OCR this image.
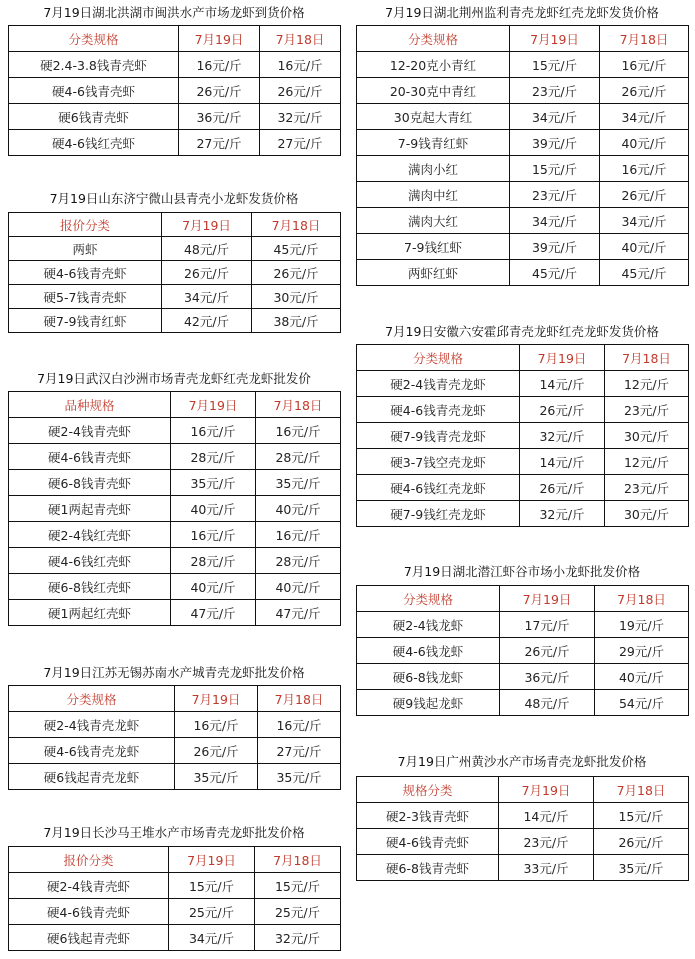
7月19日湖北洪湖市闽洪水产市场龙虾到货价格
分类规格	7月19日	7月18日
硬2.4-3.8钱青壳虾	16元/斤	16元/斤
硬4-6钱青壳虾	26元/斤	26元/斤
硬6钱青壳虾	36元/斤	32元/斤
硬4-6钱红壳虾	27元/斤	27元/斤
7月19日山东济宁微山县青壳小龙虾发货价格
报价分类	7月19日	7月18日
两虾	48元/斤	45元/斤
硬4-6钱青壳虾	26元/斤	26元/斤
硬5-7钱青壳虾	34元/斤	30元/斤
硬7-9钱青红虾	42元/斤	38元/斤
7月19日武汉白沙洲市场青壳龙虾红壳龙虾批发价
品种规格	7月19日	7月18日
硬2-4钱青壳虾	16元/斤	16元/斤
硬4-6钱青壳虾	28元/斤	28元/斤
硬6-8钱青壳虾	35元/斤	35元/斤
硬1两起青壳虾	40元/斤	40元/斤
硬2-4钱红壳虾	16元/斤	16元/斤
硬4-6钱红壳虾	28元/斤	28元/斤
硬6-8钱红壳虾	40元/斤	40元/斤
硬1两起红壳虾	47元/斤	47元/斤
7月19日江苏无锡苏南水产城青壳龙虾批发价格
分类规格	7月19日	7月18日
硬2-4钱青壳龙虾	16元/斤	16元/斤
硬4-6钱青壳龙虾	26元/斤	27元/斤
硬6钱起青壳龙虾	35元/斤	35元/斤
7月19日长沙马王堆水产市场青壳龙虾批发价格
报价分类	7月19日	7月18日
硬2-4钱青壳虾	15元/斤	15元/斤
硬4-6钱青壳虾	25元/斤	25元/斤
硬6钱起青壳虾	34元/斤	32元/斤
7月19日湖北荆州监利青壳龙虾红壳龙虾发货价格
分类规格	7月19日	7月18日
12-20克小青红	15元/斤	16元/斤
20-30克中青红	23元/斤	26元/斤
30克起大青红	34元/斤	34元/斤
7-9钱青红虾	39元/斤	40元/斤
满肉小红	15元/斤	16元/斤
满肉中红	23元/斤	26元/斤
满肉大红	34元/斤	34元/斤
7-9钱红虾	39元/斤	40元/斤
两虾红虾	45元/斤	45元/斤
7月19日安徽六安霍邱青壳龙虾红壳龙虾发货价格
分类规格	7月19日	7月18日
硬2-4钱青壳龙虾	14元/斤	12元/斤
硬4-6钱青壳龙虾	26元/斤	23元/斤
硬7-9钱青壳龙虾	32元/斤	30元/斤
硬3-7钱空壳龙虾	14元/斤	12元/斤
硬4-6钱红壳龙虾	26元/斤	23元/斤
硬7-9钱红壳龙虾	32元/斤	30元/斤
7月19日湖北潜江虾谷市场小龙虾批发价格
分类规格	7月19日	7月18日
硬2-4钱龙虾	17元/斤	19元/斤
硬4-6钱龙虾	26元/斤	29元/斤
硬6-8钱龙虾	36元/斤	40元/斤
硬9钱起龙虾	48元/斤	54元/斤
7月19日广州黄沙水产市场青壳龙虾批发价格
规格分类	7月19日	7月18日
硬2-3钱青壳虾	14元/斤	15元/斤
硬4-6钱青壳虾	23元/斤	26元/斤
硬6-8钱青壳虾	33元/斤	35元/斤
